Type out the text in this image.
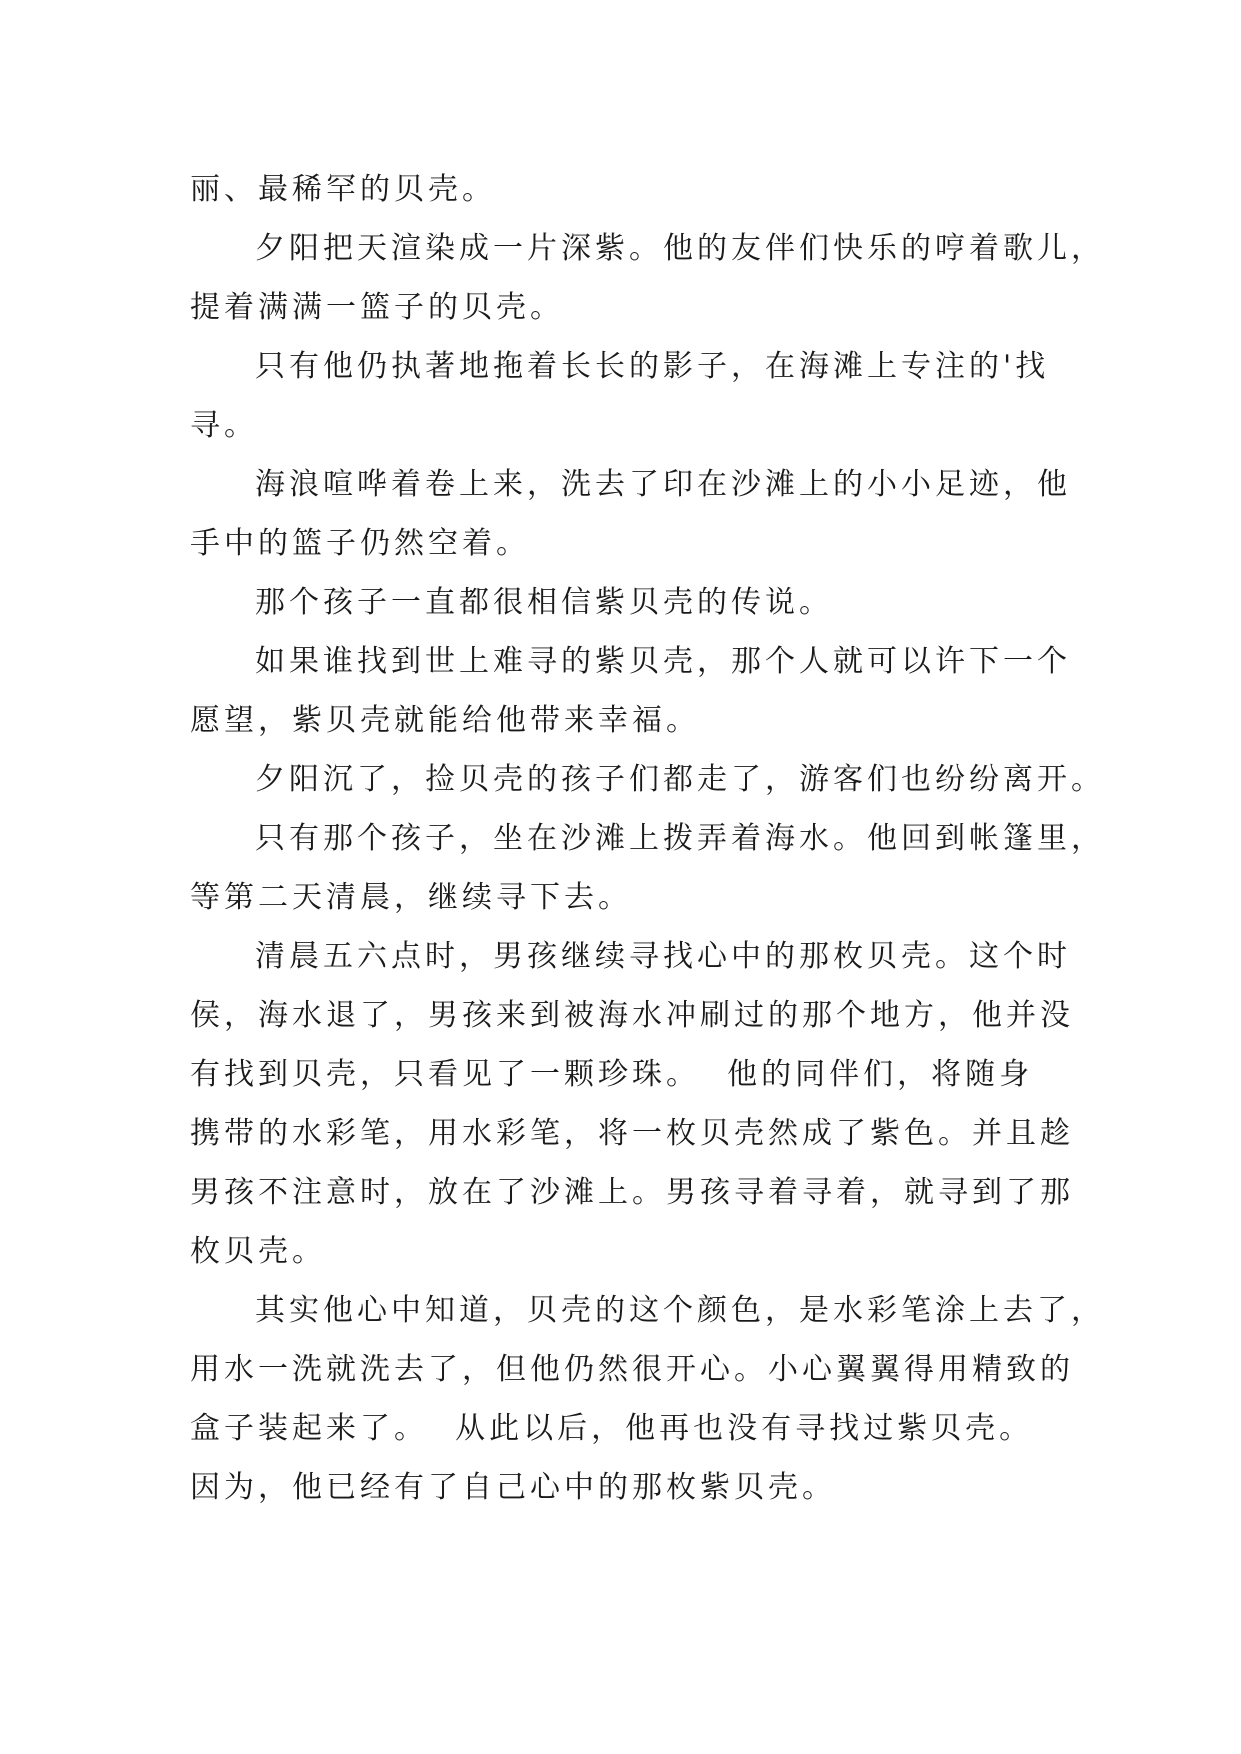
丽、最稀罕的贝壳。
夕阳把天渲染成一片深紫。他的友伴们快乐的哼着歌儿，
提着满满一篮子的贝壳。
只有他仍执著地拖着长长的影子，在海滩上专注的'找
寻。
海浪喧哗着卷上来，洗去了印在沙滩上的小小足迹，他
手中的篮子仍然空着。
那个孩子一直都很相信紫贝壳的传说。
如果谁找到世上难寻的紫贝壳，那个人就可以许下一个
愿望，紫贝壳就能给他带来幸福。
夕阳沉了，捡贝壳的孩子们都走了，游客们也纷纷离开。
只有那个孩子，坐在沙滩上拨弄着海水。他回到帐篷里，
等第二天清晨，继续寻下去。
清晨五六点时，男孩继续寻找心中的那枚贝壳。这个时
侯，海水退了，男孩来到被海水冲刷过的那个地方，他并没
有找到贝壳，只看见了一颗珍珠。  他的同伴们，将随身
携带的水彩笔，用水彩笔，将一枚贝壳然成了紫色。并且趁
男孩不注意时，放在了沙滩上。男孩寻着寻着，就寻到了那
枚贝壳。
其实他心中知道，贝壳的这个颜色，是水彩笔涂上去了，
用水一洗就洗去了，但他仍然很开心。小心翼翼得用精致的
盒子装起来了。  从此以后，他再也没有寻找过紫贝壳。
因为，他已经有了自己心中的那枚紫贝壳。
